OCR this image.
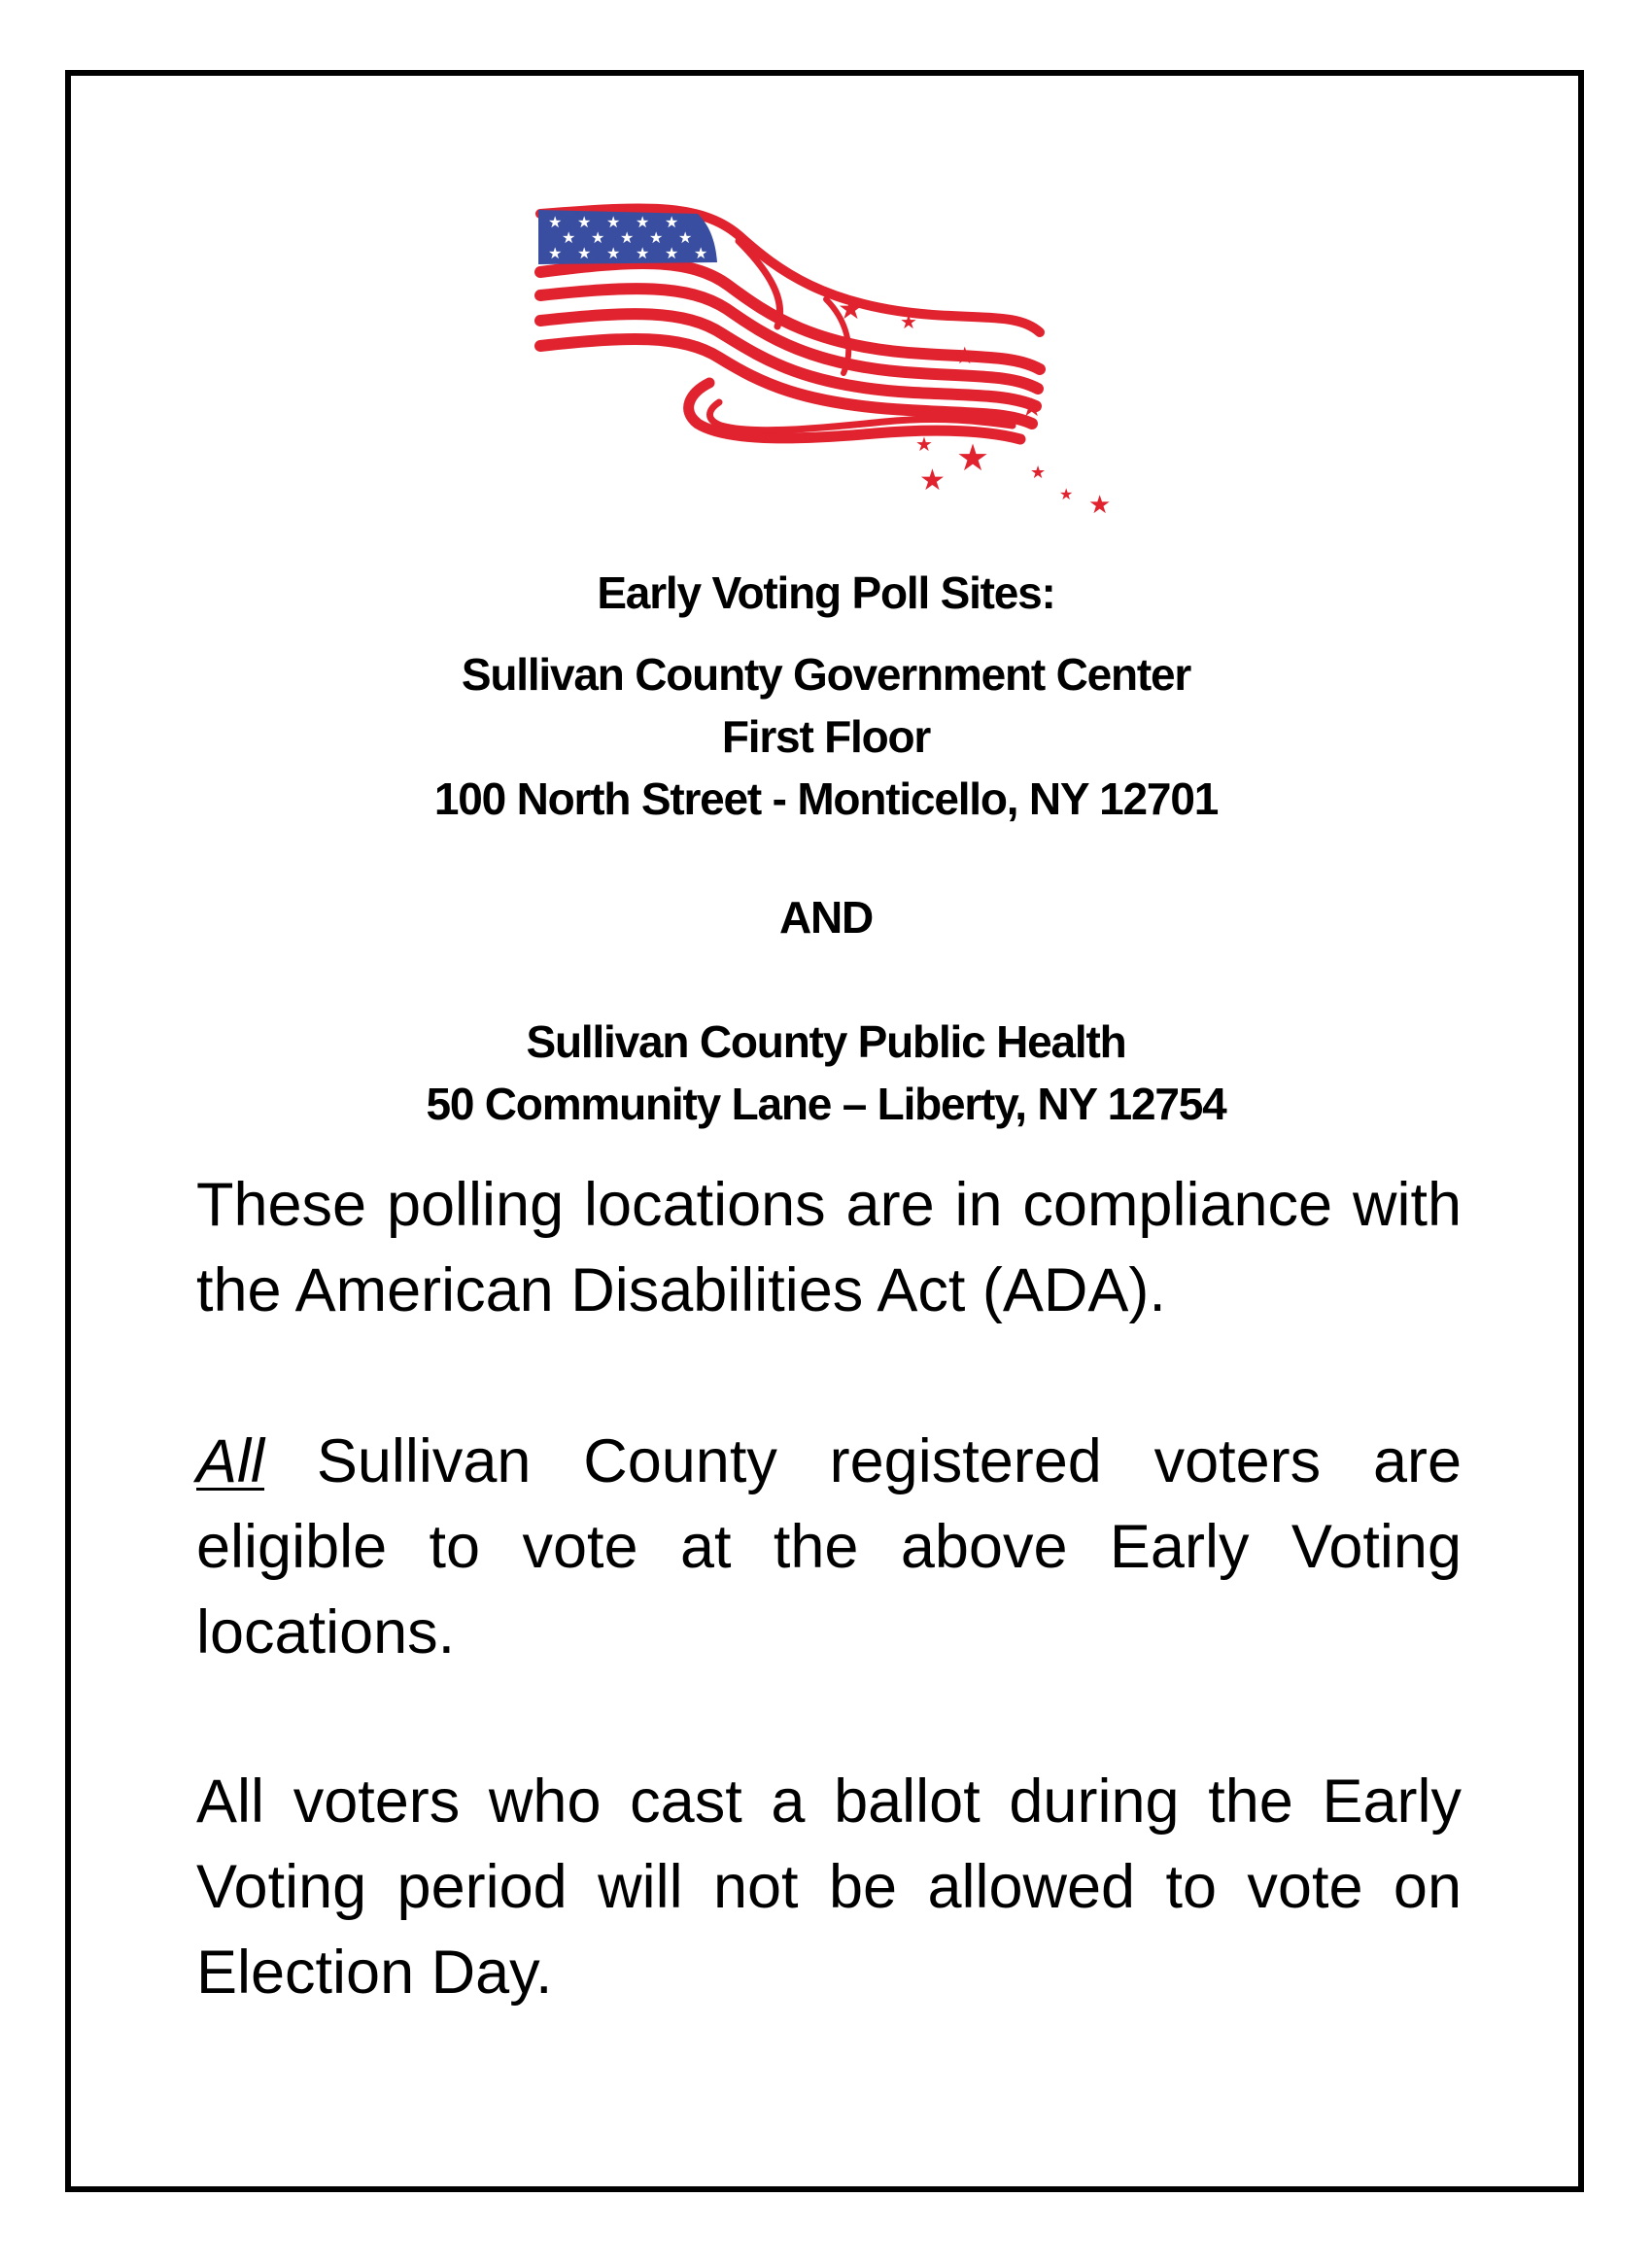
★ ★ ★ ★ ★
★ ★ ★ ★ ★
★ ★ ★ ★ ★ ★
★ ★
★
★
★ ★ ★
★	★ ★
Early Voting Poll Sites:
Sullivan County Government Center
First Floor
100 North Street - Monticello, NY 12701
AND
Sullivan County Public Health
50 Community Lane – Liberty, NY 12754

These polling locations are in compliance with the American Disabilities Act (ADA).

All Sullivan County registered voters are eligible to vote at the above Early Voting locations.

All voters who cast a ballot during the Early Voting period will not be allowed to vote on Election Day.
